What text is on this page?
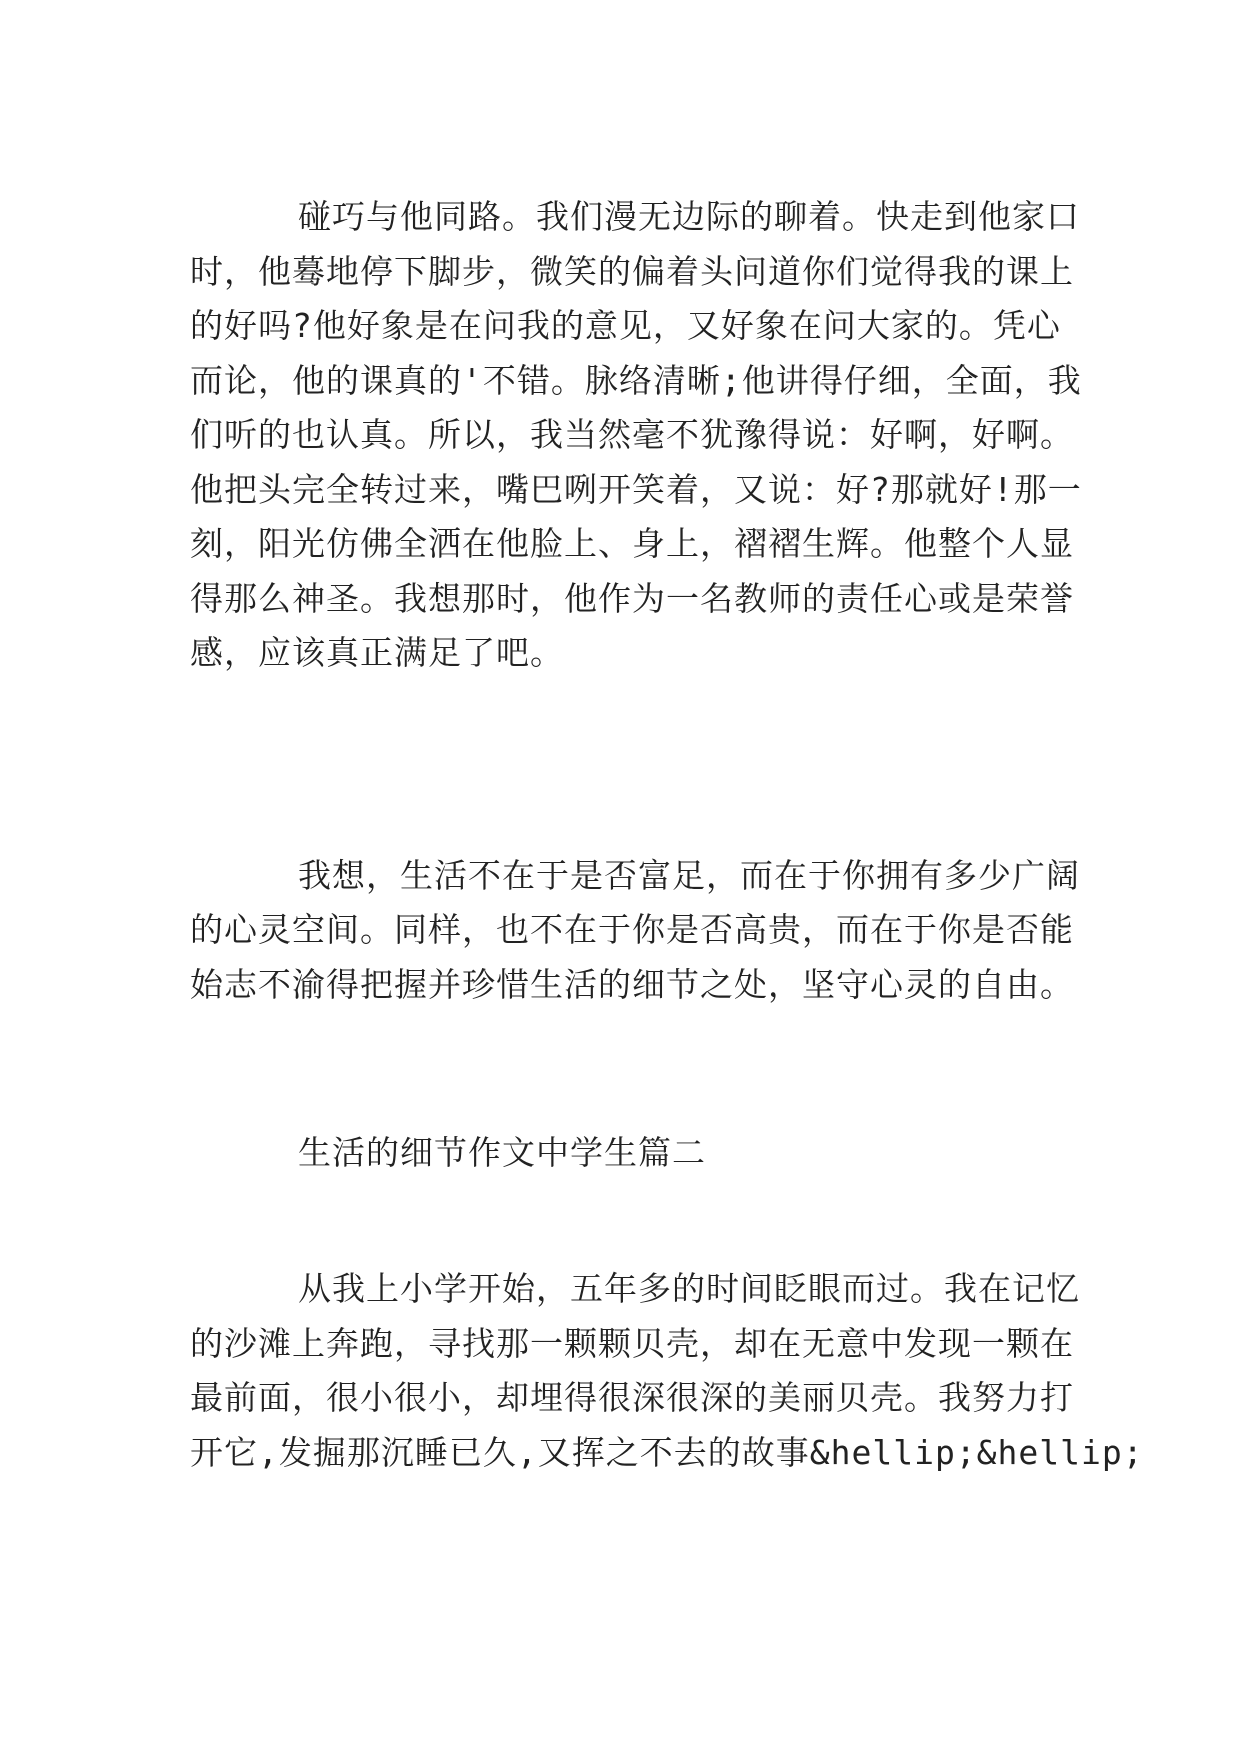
碰巧与他同路。我们漫无边际的聊着。快走到他家口
时，他蓦地停下脚步，微笑的偏着头问道你们觉得我的课上
的好吗?他好象是在问我的意见，又好象在问大家的。凭心
而论，他的课真的'不错。脉络清晰;他讲得仔细，全面，我
们听的也认真。所以，我当然毫不犹豫得说：好啊，好啊。
他把头完全转过来，嘴巴咧开笑着，又说：好?那就好!那一
刻，阳光仿佛全洒在他脸上、身上，褶褶生辉。他整个人显
得那么神圣。我想那时，他作为一名教师的责任心或是荣誉
感，应该真正满足了吧。
我想，生活不在于是否富足，而在于你拥有多少广阔
的心灵空间。同样，也不在于你是否高贵，而在于你是否能
始志不渝得把握并珍惜生活的细节之处，坚守心灵的自由。
生活的细节作文中学生篇二
从我上小学开始，五年多的时间眨眼而过。我在记忆
的沙滩上奔跑，寻找那一颗颗贝壳，却在无意中发现一颗在
最前面，很小很小，却埋得很深很深的美丽贝壳。我努力打
开它,发掘那沉睡已久,又挥之不去的故事&hellip;&hellip;
